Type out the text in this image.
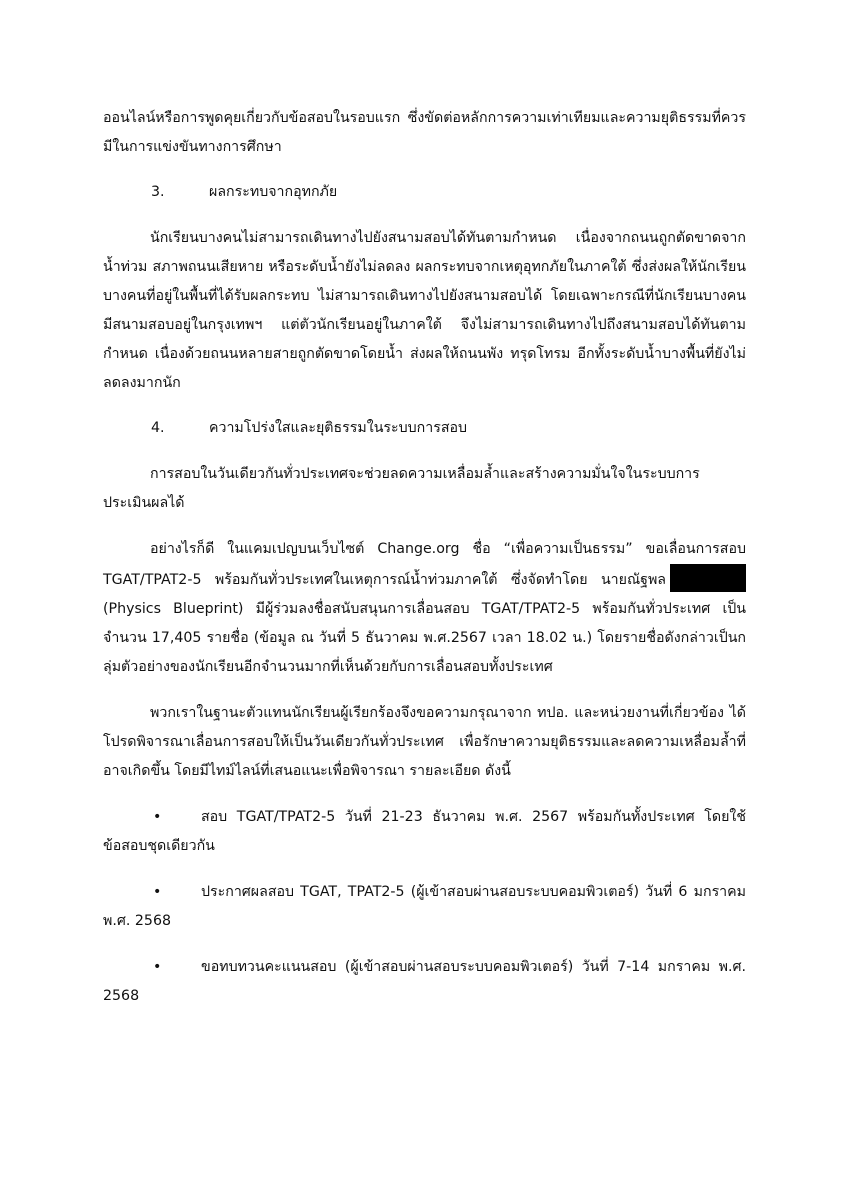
ออนไลน์หรือการพูดคุยเกี่ยวกับข้อสอบในรอบแรก ซึ่งขัดต่อหลักการความเท่าเทียมและความยุติธรรมที่ควรมีในการแข่งขันทางการศึกษา

3.	ผลกระทบจากอุทกภัย

นักเรียนบางคนไม่สามารถเดินทางไปยังสนามสอบได้ทันตามกำหนด เนื่องจากถนนถูกตัดขาดจากน้ำท่วม สภาพถนนเสียหาย หรือระดับน้ำยังไม่ลดลง ผลกระทบจากเหตุอุทกภัยในภาคใต้ ซึ่งส่งผลให้นักเรียนบางคนที่อยู่ในพื้นที่ได้รับผลกระทบ ไม่สามารถเดินทางไปยังสนามสอบได้ โดยเฉพาะกรณีที่นักเรียนบางคนมีสนามสอบอยู่ในกรุงเทพฯ แต่ตัวนักเรียนอยู่ในภาคใต้ จึงไม่สามารถเดินทางไปถึงสนามสอบได้ทันตามกำหนด เนื่องด้วยถนนหลายสายถูกตัดขาดโดยน้ำ ส่งผลให้ถนนพัง ทรุดโทรม อีกทั้งระดับน้ำบางพื้นที่ยังไม่ลดลงมากนัก

4.	ความโปร่งใสและยุติธรรมในระบบการสอบ

การสอบในวันเดียวกันทั่วประเทศจะช่วยลดความเหลื่อมล้ำและสร้างความมั่นใจในระบบการประเมินผลได้

อย่างไรก็ดี ในแคมเปญบนเว็บไซต์ Change.org ชื่อ “เพื่อความเป็นธรรม” ขอเลื่อนการสอบ TGAT/TPAT2-5 พร้อมกันทั่วประเทศในเหตุการณ์น้ำท่วมภาคใต้ ซึ่งจัดทำโดย นายณัฐพล (Physics Blueprint) มีผู้ร่วมลงชื่อสนับสนุนการเลื่อนสอบ TGAT/TPAT2-5 พร้อมกันทั่วประเทศ เป็นจำนวน 17,405 รายชื่อ (ข้อมูล ณ วันที่ 5 ธันวาคม พ.ศ.2567 เวลา 18.02 น.) โดยรายชื่อดังกล่าวเป็นกลุ่มตัวอย่างของนักเรียนอีกจำนวนมากที่เห็นด้วยกับการเลื่อนสอบทั้งประเทศ

พวกเราในฐานะตัวแทนนักเรียนผู้เรียกร้องจึงขอความกรุณาจาก ทปอ. และหน่วยงานที่เกี่ยวข้อง ได้โปรดพิจารณาเลื่อนการสอบให้เป็นวันเดียวกันทั่วประเทศ เพื่อรักษาความยุติธรรมและลดความเหลื่อมล้ำที่อาจเกิดขึ้น โดยมีไทม์ไลน์ที่เสนอแนะเพื่อพิจารณา รายละเอียด ดังนี้

•	สอบ TGAT/TPAT2-5 วันที่ 21-23 ธันวาคม พ.ศ. 2567 พร้อมกันทั้งประเทศ โดยใช้ข้อสอบชุดเดียวกัน

•	ประกาศผลสอบ TGAT, TPAT2-5 (ผู้เข้าสอบผ่านสอบระบบคอมพิวเตอร์) วันที่ 6 มกราคม พ.ศ. 2568

•	ขอทบทวนคะแนนสอบ (ผู้เข้าสอบผ่านสอบระบบคอมพิวเตอร์) วันที่ 7-14 มกราคม พ.ศ. 2568
